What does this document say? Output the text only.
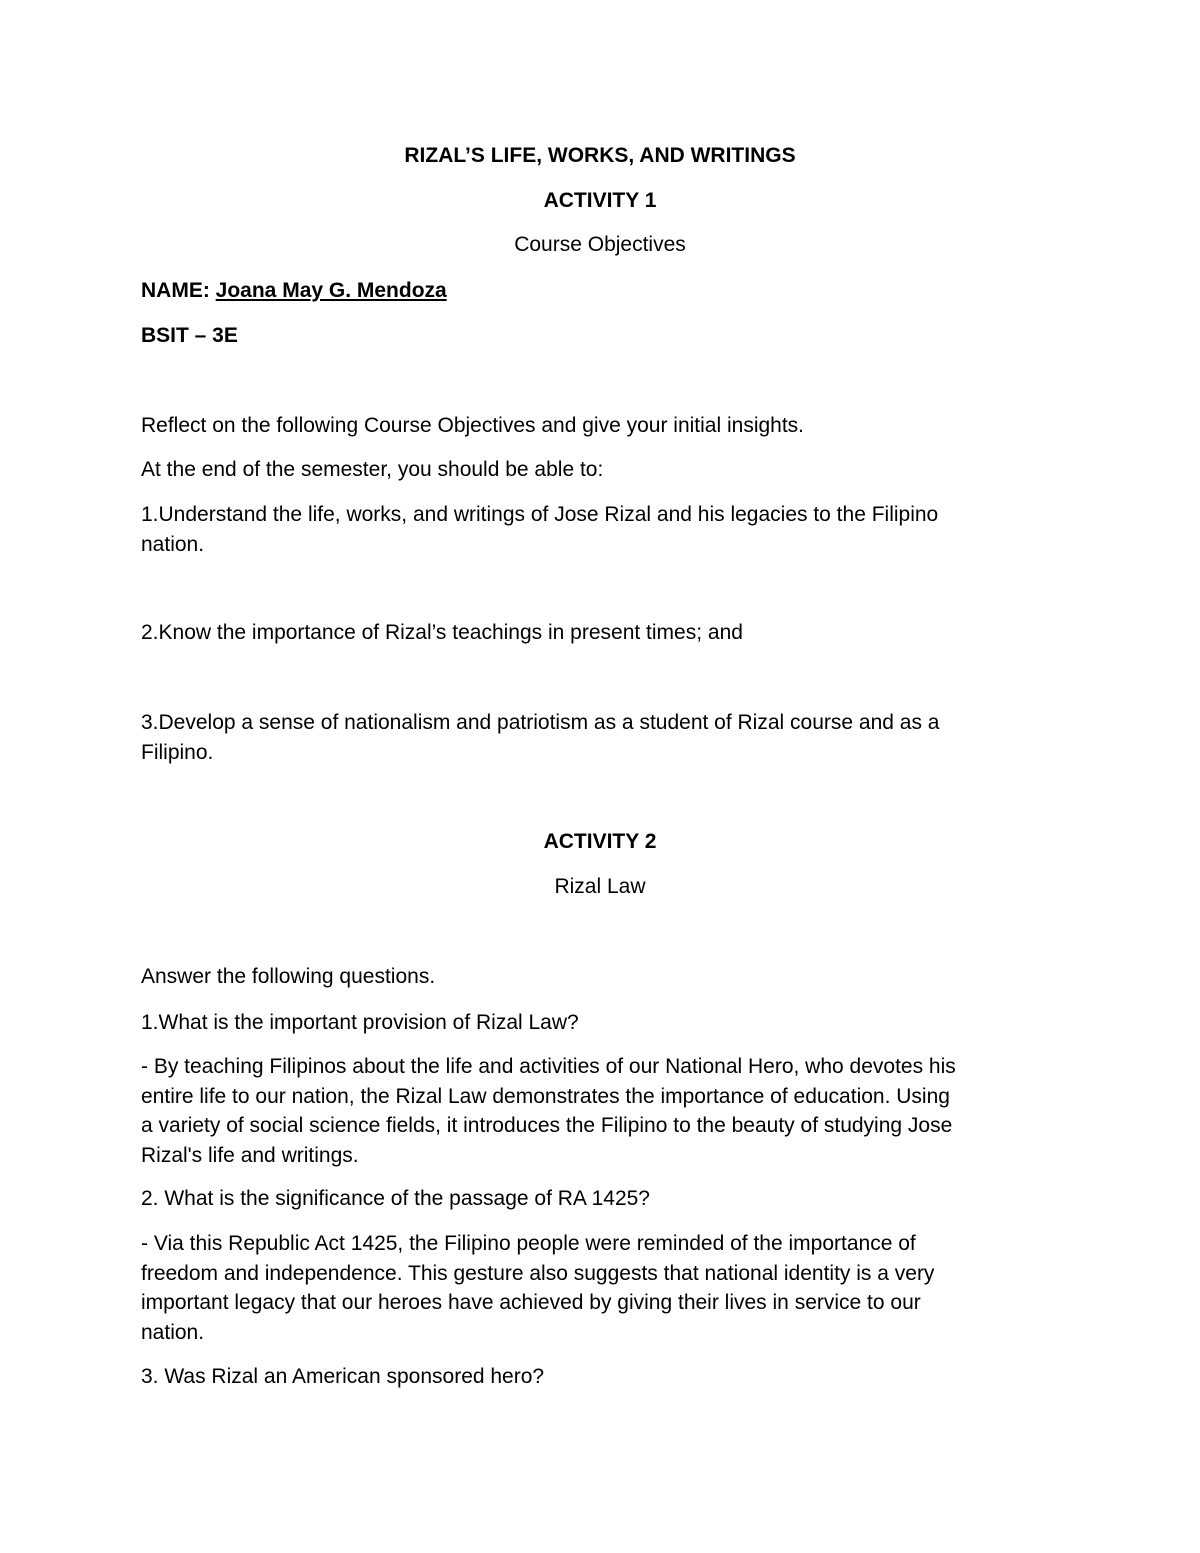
RIZAL’S LIFE, WORKS, AND WRITINGS
ACTIVITY 1
Course Objectives
NAME: Joana May G. Mendoza
BSIT – 3E
Reflect on the following Course Objectives and give your initial insights.
At the end of the semester, you should be able to:
1.Understand the life, works, and writings of Jose Rizal and his legacies to the Filipino
nation.
2.Know the importance of Rizal’s teachings in present times; and
3.Develop a sense of nationalism and patriotism as a student of Rizal course and as a
Filipino.
ACTIVITY 2
Rizal Law
Answer the following questions.
1.What is the important provision of Rizal Law?
- By teaching Filipinos about the life and activities of our National Hero, who devotes his
entire life to our nation, the Rizal Law demonstrates the importance of education. Using
a variety of social science fields, it introduces the Filipino to the beauty of studying Jose
Rizal's life and writings.
2. What is the significance of the passage of RA 1425?
- Via this Republic Act 1425, the Filipino people were reminded of the importance of
freedom and independence. This gesture also suggests that national identity is a very
important legacy that our heroes have achieved by giving their lives in service to our
nation.
3. Was Rizal an American sponsored hero?
